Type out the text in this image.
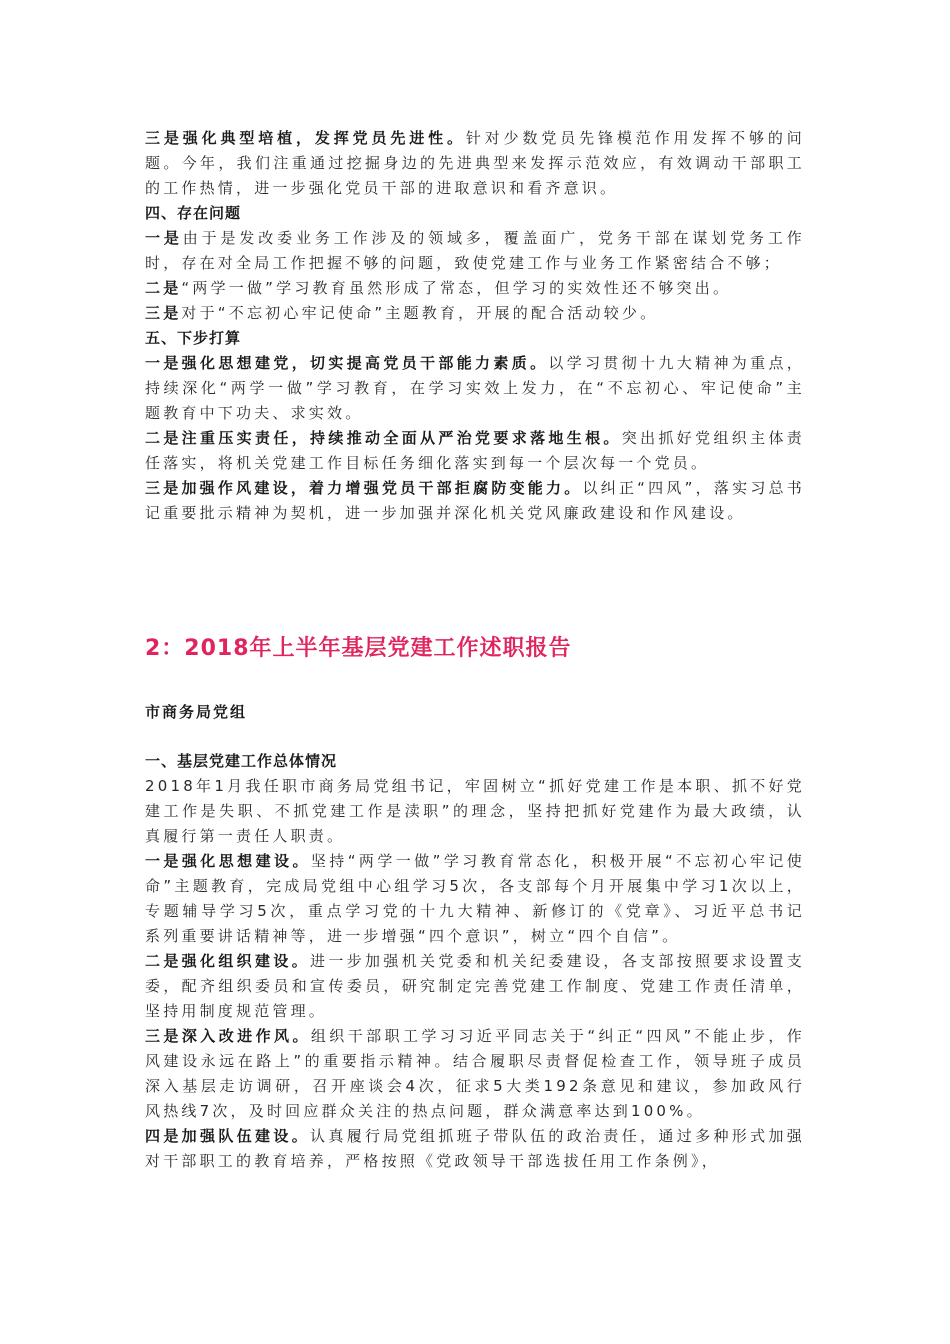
三是强化典型培植，发挥党员先进性。针对少数党员先锋模范作用发挥不够的问题。今年，我们注重通过挖掘身边的先进典型来发挥示范效应，有效调动干部职工的工作热情，进一步强化党员干部的进取意识和看齐意识。

四、存在问题

一是由于是发改委业务工作涉及的领域多，覆盖面广，党务干部在谋划党务工作时，存在对全局工作把握不够的问题，致使党建工作与业务工作紧密结合不够；

二是“两学一做”学习教育虽然形成了常态，但学习的实效性还不够突出。

三是对于“不忘初心牢记使命”主题教育，开展的配合活动较少。

五、下步打算

一是强化思想建党，切实提高党员干部能力素质。以学习贯彻十九大精神为重点，持续深化“两学一做”学习教育，在学习实效上发力，在“不忘初心、牢记使命”主题教育中下功夫、求实效。

二是注重压实责任，持续推动全面从严治党要求落地生根。突出抓好党组织主体责任落实，将机关党建工作目标任务细化落实到每一个层次每一个党员。

三是加强作风建设，着力增强党员干部拒腐防变能力。以纠正“四风”，落实习总书记重要批示精神为契机，进一步加强并深化机关党风廉政建设和作风建设。

2：2018年上半年基层党建工作述职报告

市商务局党组

一、基层党建工作总体情况

2018年1月我任职市商务局党组书记，牢固树立“抓好党建工作是本职、抓不好党建工作是失职、不抓党建工作是渎职”的理念，坚持把抓好党建作为最大政绩，认真履行第一责任人职责。

一是强化思想建设。坚持“两学一做”学习教育常态化，积极开展“不忘初心牢记使命”主题教育，完成局党组中心组学习5次，各支部每个月开展集中学习1次以上，专题辅导学习5次，重点学习党的十九大精神、新修订的《党章》、习近平总书记系列重要讲话精神等，进一步增强“四个意识”，树立“四个自信”。

二是强化组织建设。进一步加强机关党委和机关纪委建设，各支部按照要求设置支委，配齐组织委员和宣传委员，研究制定完善党建工作制度、党建工作责任清单，坚持用制度规范管理。

三是深入改进作风。组织干部职工学习习近平同志关于“纠正“四风”不能止步，作风建设永远在路上”的重要指示精神。结合履职尽责督促检查工作，领导班子成员深入基层走访调研，召开座谈会4次，征求5大类192条意见和建议，参加政风行风热线7次，及时回应群众关注的热点问题，群众满意率达到100%。

四是加强队伍建设。认真履行局党组抓班子带队伍的政治责任，通过多种形式加强对干部职工的教育培养，严格按照《党政领导干部选拔任用工作条例》，
